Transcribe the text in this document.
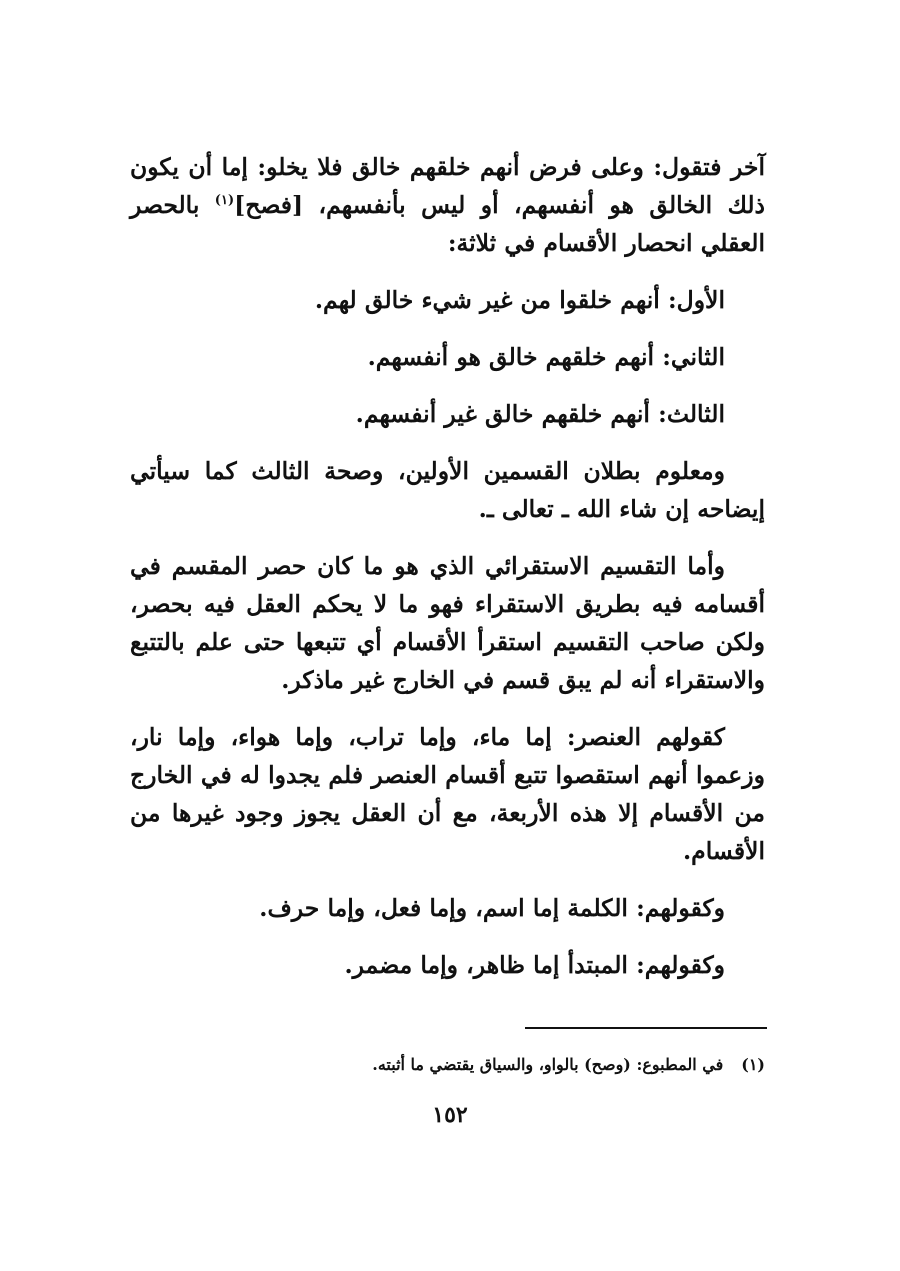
آخر فتقول: وعلى فرض أنهم خلقهم خالق فلا يخلو: إما أن يكون ذلك الخالق هو أنفسهم، أو ليس بأنفسهم، [فصح]$^{(١)}$ بالحصر العقلي انحصار الأقسام في ثلاثة:

الأول: أنهم خلقوا من غير شيء خالق لهم.

الثاني: أنهم خلقهم خالق هو أنفسهم.

الثالث: أنهم خلقهم خالق غير أنفسهم.

ومعلوم بطلان القسمين الأولين، وصحة الثالث كما سيأتي إيضاحه إن شاء الله ـ تعالى ـ.

وأما التقسيم الاستقرائي الذي هو ما كان حصر المقسم في أقسامه فيه بطريق الاستقراء فهو ما لا يحكم العقل فيه بحصر، ولكن صاحب التقسيم استقرأ الأقسام أي تتبعها حتى علم بالتتبع والاستقراء أنه لم يبق قسم في الخارج غير ماذكر.

كقولهم العنصر: إما ماء، وإما تراب، وإما هواء، وإما نار، وزعموا أنهم استقصوا تتبع أقسام العنصر فلم يجدوا له في الخارج من الأقسام إلا هذه الأربعة، مع أن العقل يجوز وجود غيرها من الأقسام.

وكقولهم: الكلمة إما اسم، وإما فعل، وإما حرف.

وكقولهم: المبتدأ إما ظاهر، وإما مضمر.

(١)في المطبوع: (وصح) بالواو، والسياق يقتضي ما أثبته.
١٥٢
